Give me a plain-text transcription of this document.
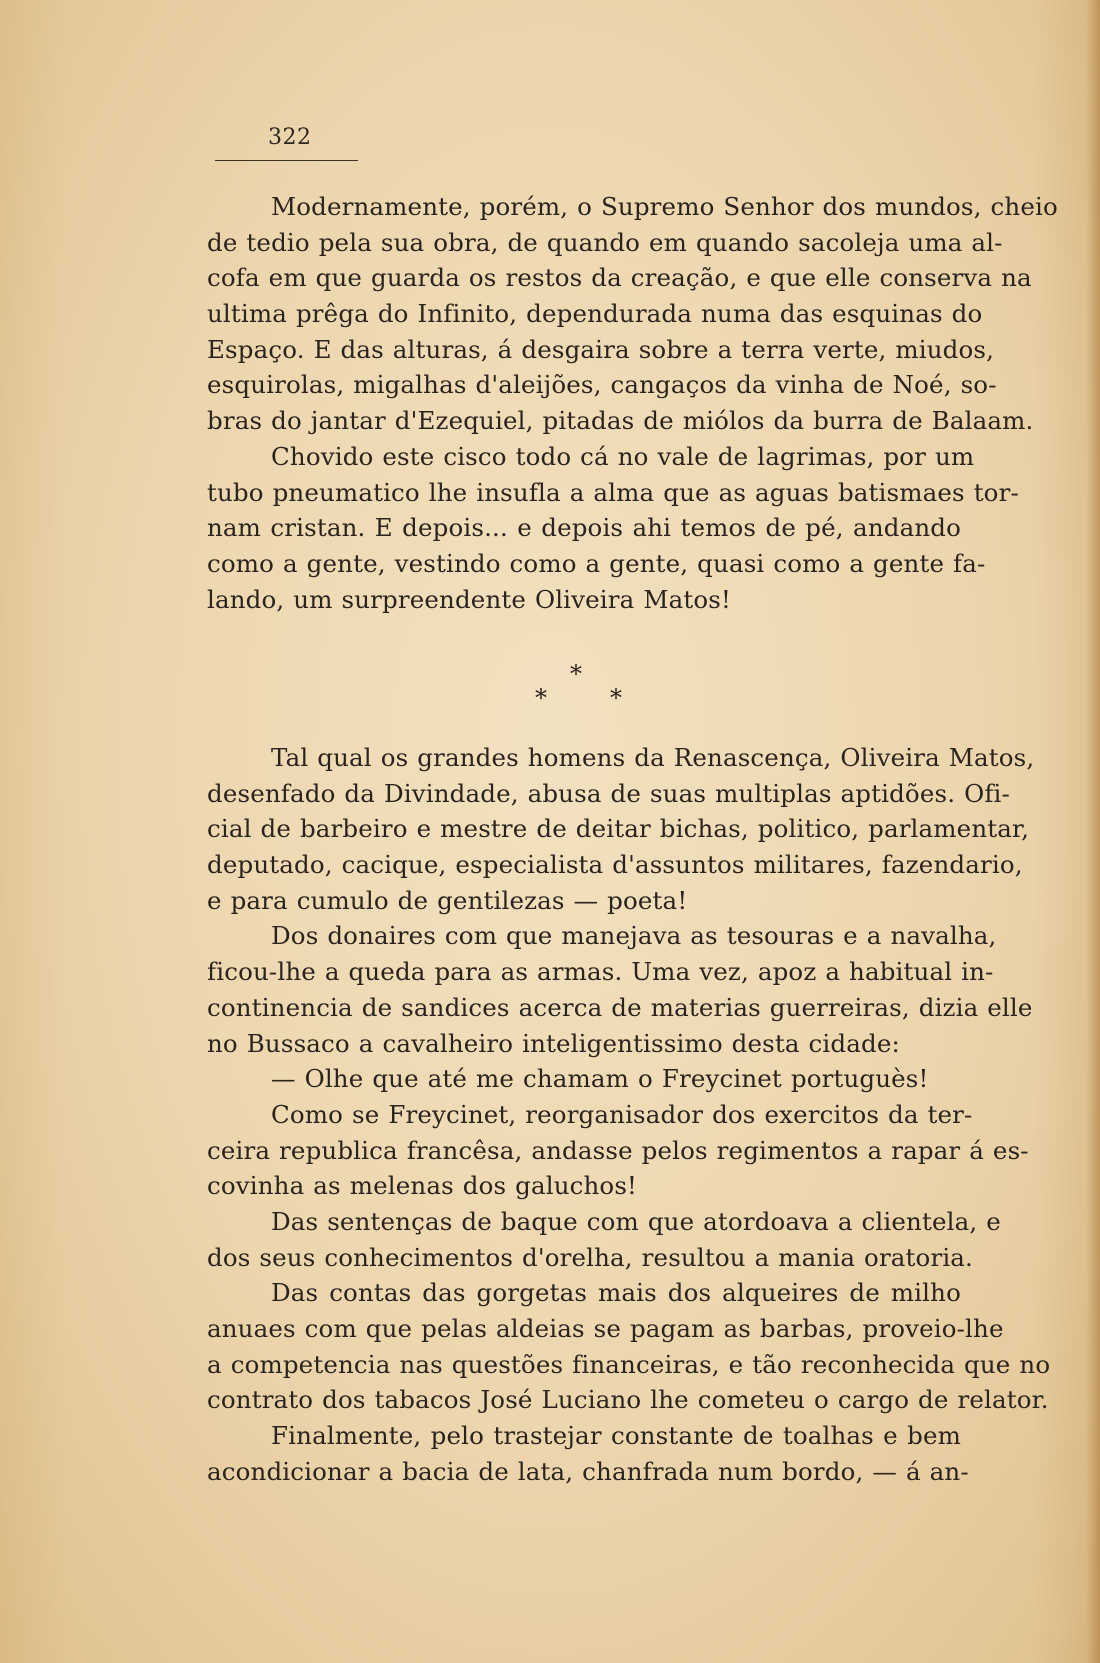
322
Modernamente, porém, o Supremo Senhor dos mundos, cheio
de tedio pela sua obra, de quando em quando sacoleja uma al-
cofa em que guarda os restos da creação, e que elle conserva na
ultima prêga do Infinito, dependurada numa das esquinas do
Espaço. E das alturas, á desgaira sobre a terra verte, miudos,
esquirolas, migalhas d'aleijões, cangaços da vinha de Noé, so-
bras do jantar d'Ezequiel, pitadas de miólos da burra de Balaam.
Chovido este cisco todo cá no vale de lagrimas, por um
tubo pneumatico lhe insufla a alma que as aguas batismaes tor-
nam cristan. E depois... e depois ahi temos de pé, andando
como a gente, vestindo como a gente, quasi como a gente fa-
lando, um surpreendente Oliveira Matos!
*
*	*
Tal qual os grandes homens da Renascença, Oliveira Matos,
desenfado da Divindade, abusa de suas multiplas aptidões. Ofi-
cial de barbeiro e mestre de deitar bichas, politico, parlamentar,
deputado, cacique, especialista d'assuntos militares, fazendario,
e para cumulo de gentilezas — poeta!
Dos donaires com que manejava as tesouras e a navalha,
ficou-lhe a queda para as armas. Uma vez, apoz a habitual in-
continencia de sandices acerca de materias guerreiras, dizia elle
no Bussaco a cavalheiro inteligentissimo desta cidade:
— Olhe que até me chamam o Freycinet portuguès!
Como se Freycinet, reorganisador dos exercitos da ter-
ceira republica francêsa, andasse pelos regimentos a rapar á es-
covinha as melenas dos galuchos!
Das sentenças de baque com que atordoava a clientela, e
dos seus conhecimentos d'orelha, resultou a mania oratoria.
Das contas das gorgetas mais dos alqueires de milho
anuaes com que pelas aldeias se pagam as barbas, proveio-lhe
a competencia nas questões financeiras, e tão reconhecida que no
contrato dos tabacos José Luciano lhe cometeu o cargo de relator.
Finalmente, pelo trastejar constante de toalhas e bem
acondicionar a bacia de lata, chanfrada num bordo, — á an-
